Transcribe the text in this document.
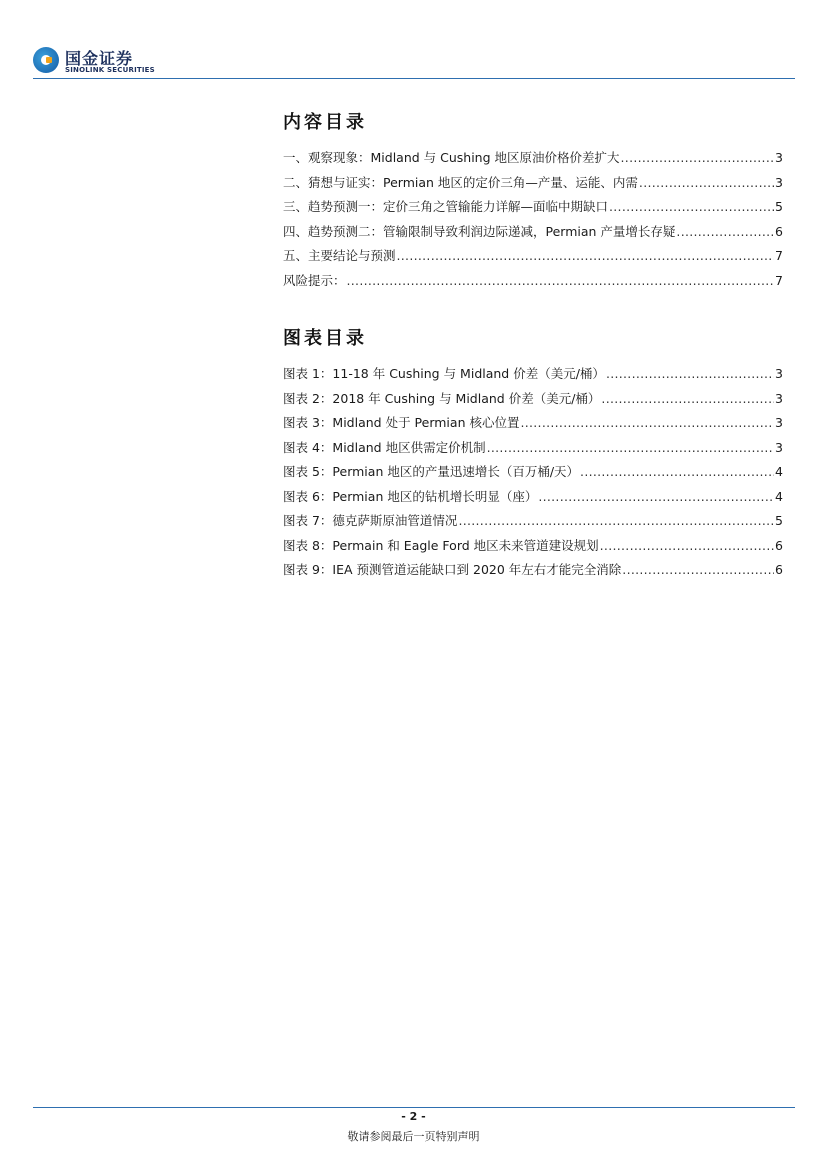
国金证券
SINOLINK SECURITIES
内容目录
一、观察现象：Midland 与 Cushing 地区原油价格价差扩大 .....	3
二、猜想与证实：Permian 地区的定价三角—产量、运能、内需 .....	3
三、趋势预测一：定价三角之管输能力详解—面临中期缺口 .....	5
四、趋势预测二：管输限制导致利润边际递减，Permian 产量增长存疑 .....	6
五、主要结论与预测 .....	7
风险提示： .....	7
图表目录
图表 1：11-18 年 Cushing 与 Midland 价差（美元/桶） .....	3
图表 2：2018 年 Cushing 与 Midland 价差（美元/桶） .....	3
图表 3：Midland 处于 Permian 核心位置 .....	3
图表 4：Midland 地区供需定价机制 .....	3
图表 5：Permian 地区的产量迅速增长（百万桶/天） .....	4
图表 6：Permian 地区的钻机增长明显（座） .....	4
图表 7：德克萨斯原油管道情况 .....	5
图表 8：Permain 和 Eagle Ford 地区未来管道建设规划 .....	6
图表 9：IEA 预测管道运能缺口到 2020 年左右才能完全消除 .....	6
- 2 -
敬请参阅最后一页特别声明
